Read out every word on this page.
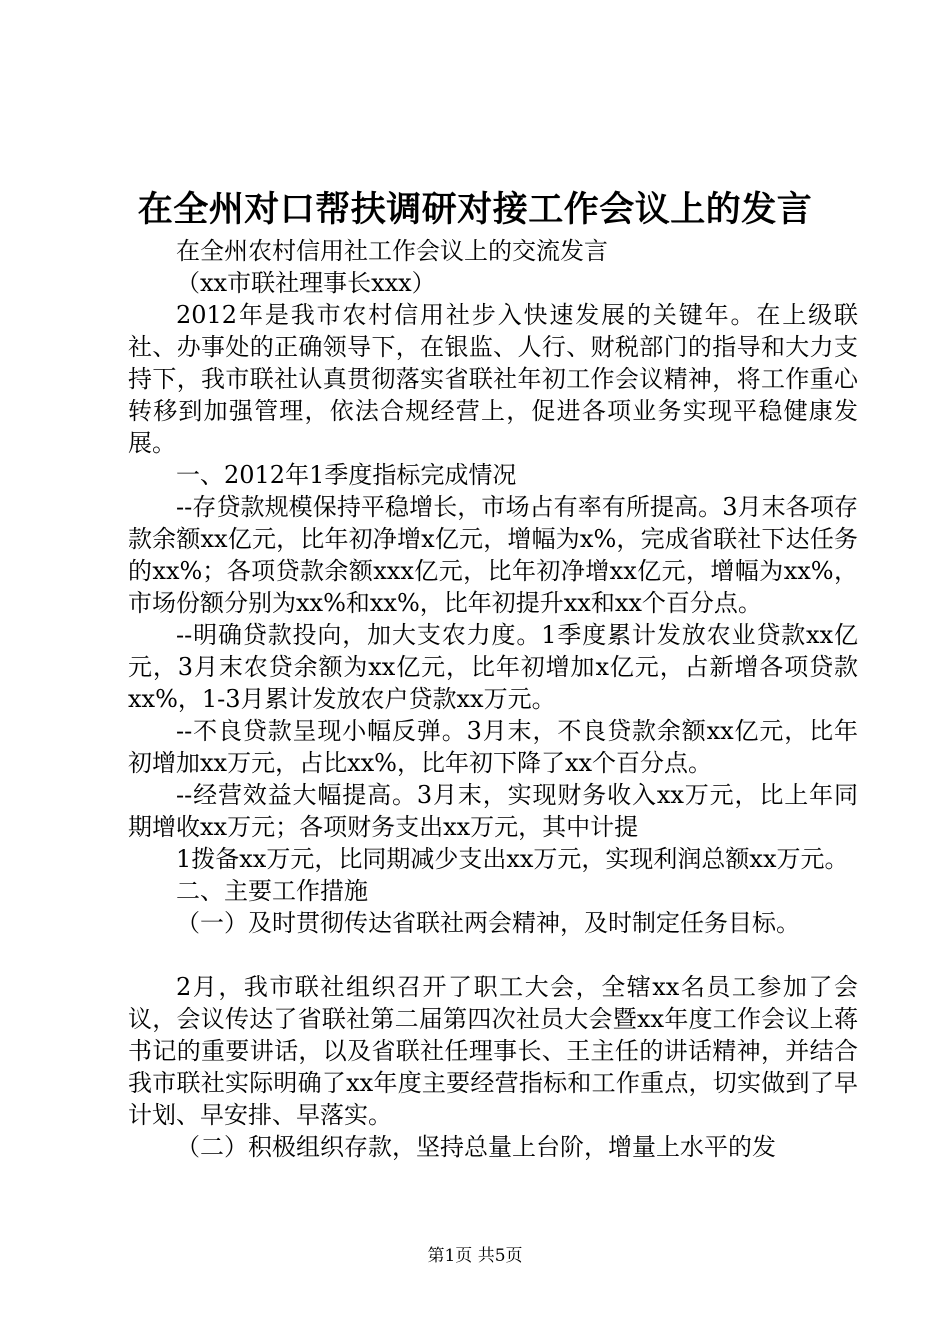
在全州对口帮扶调研对接工作会议上的发言

在全州农村信用社工作会议上的交流发言

（xx市联社理事长xxx）

2012年是我市农村信用社步入快速发展的关键年。在上级联社、办事处的正确领导下，在银监、人行、财税部门的指导和大力支持下，我市联社认真贯彻落实省联社年初工作会议精神，将工作重心转移到加强管理，依法合规经营上，促进各项业务实现平稳健康发展。

一、2012年1季度指标完成情况

--存贷款规模保持平稳增长，市场占有率有所提高。3月末各项存款余额xx亿元，比年初净增x亿元，增幅为x%，完成省联社下达任务的xx%；各项贷款余额xxx亿元，比年初净增xx亿元，增幅为xx%，市场份额分别为xx%和xx%，比年初提升xx和xx个百分点。

--明确贷款投向，加大支农力度。1季度累计发放农业贷款xx亿元，3月末农贷余额为xx亿元，比年初增加x亿元，占新增各项贷款xx%，1-3月累计发放农户贷款xx万元。

--不良贷款呈现小幅反弹。3月末，不良贷款余额xx亿元，比年初增加xx万元，占比xx%，比年初下降了xx个百分点。

--经营效益大幅提高。3月末，实现财务收入xx万元，比上年同期增收xx万元；各项财务支出xx万元，其中计提

1拨备xx万元，比同期减少支出xx万元，实现利润总额xx万元。

二、主要工作措施

（一）及时贯彻传达省联社两会精神，及时制定任务目标。

2月，我市联社组织召开了职工大会，全辖xx名员工参加了会议，会议传达了省联社第二届第四次社员大会暨xx年度工作会议上蒋书记的重要讲话，以及省联社任理事长、王主任的讲话精神，并结合我市联社实际明确了xx年度主要经营指标和工作重点，切实做到了早计划、早安排、早落实。

（二）积极组织存款，坚持总量上台阶，增量上水平的发

第1页 共5页
